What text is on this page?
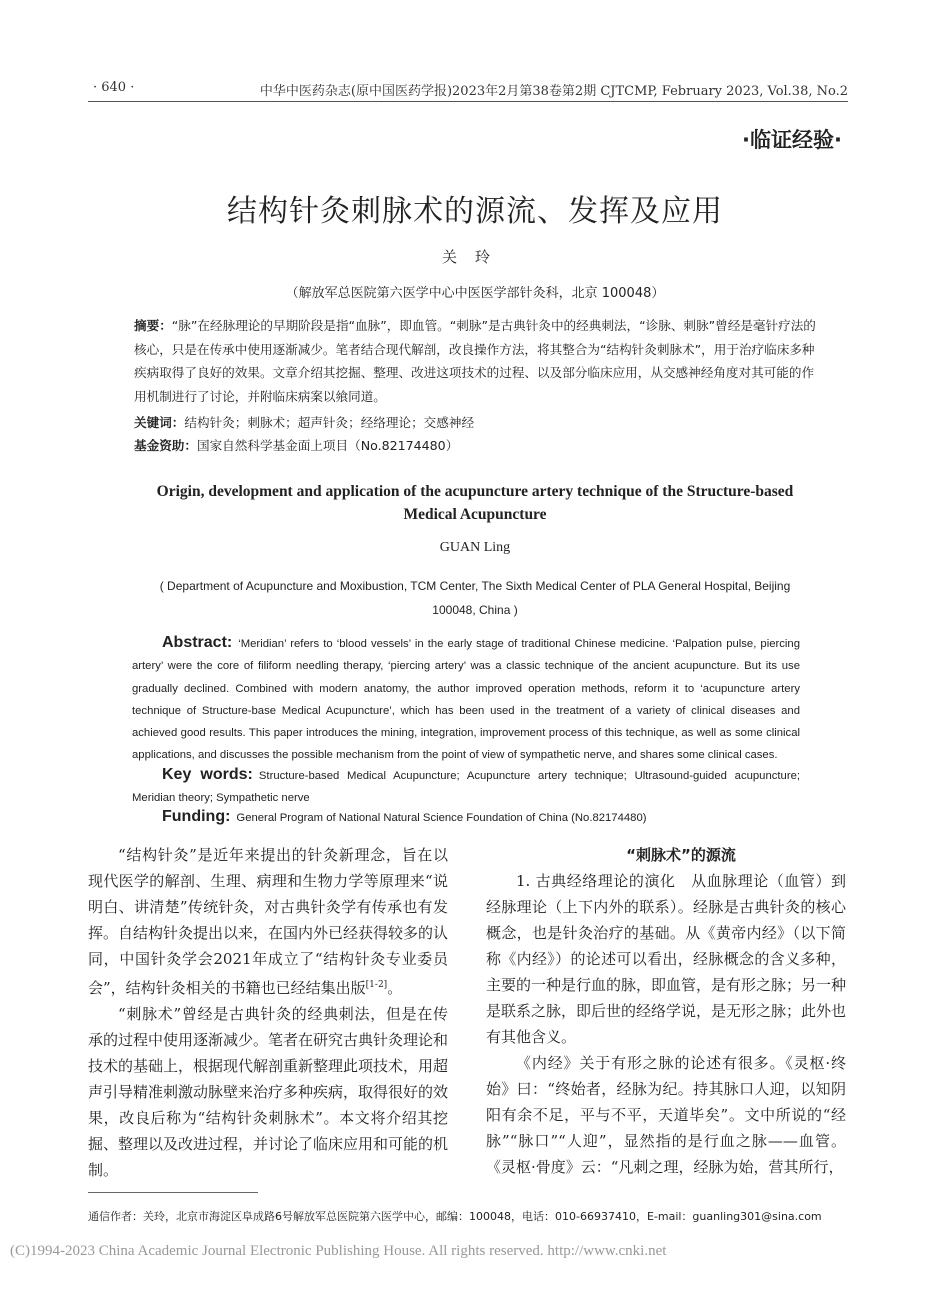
· 640 ·	中华中医药杂志(原中国医药学报)2023年2月第38卷第2期 CJTCMP, February 2023, Vol.38, No.2
·临证经验·
结构针灸刺脉术的源流、发挥及应用
关玲
（解放军总医院第六医学中心中医医学部针灸科，北京 100048）
摘要：“脉”在经脉理论的早期阶段是指“血脉”，即血管。“刺脉”是古典针灸中的经典刺法，“诊脉、刺脉”曾经是毫针疗法的核心，只是在传承中使用逐渐减少。笔者结合现代解剖，改良操作方法，将其整合为“结构针灸刺脉术”，用于治疗临床多种疾病取得了良好的效果。文章介绍其挖掘、整理、改进这项技术的过程、以及部分临床应用，从交感神经角度对其可能的作用机制进行了讨论，并附临床病案以飨同道。
关键词：结构针灸；刺脉术；超声针灸；经络理论；交感神经
基金资助：国家自然科学基金面上项目（No.82174480）
Origin, development and application of the acupuncture artery technique of the Structure-based Medical Acupuncture
GUAN Ling
( Department of Acupuncture and Moxibustion, TCM Center, The Sixth Medical Center of PLA General Hospital, Beijing 100048, China )
Abstract: ‘Meridian’ refers to ‘blood vessels’ in the early stage of traditional Chinese medicine. ‘Palpation pulse, piercing artery’ were the core of filiform needling therapy, ‘piercing artery’ was a classic technique of the ancient acupuncture. But its use gradually declined. Combined with modern anatomy, the author improved operation methods, reform it to ‘acupuncture artery technique of Structure-base Medical Acupuncture’, which has been used in the treatment of a variety of clinical diseases and achieved good results. This paper introduces the mining, integration, improvement process of this technique, as well as some clinical applications, and discusses the possible mechanism from the point of view of sympathetic nerve, and shares some clinical cases.
Key words: Structure-based Medical Acupuncture; Acupuncture artery technique; Ultrasound-guided acupuncture; Meridian theory; Sympathetic nerve
Funding: General Program of National Natural Science Foundation of China (No.82174480)

“结构针灸”是近年来提出的针灸新理念，旨在以现代医学的解剖、生理、病理和生物力学等原理来“说明白、讲清楚”传统针灸，对古典针灸学有传承也有发挥。自结构针灸提出以来，在国内外已经获得较多的认同，中国针灸学会2021年成立了“结构针灸专业委员会”，结构针灸相关的书籍也已经结集出版[1-2]。

“刺脉术”曾经是古典针灸的经典刺法，但是在传承的过程中使用逐渐减少。笔者在研究古典针灸理论和技术的基础上，根据现代解剖重新整理此项技术，用超声引导精准刺激动脉壁来治疗多种疾病，取得很好的效果，改良后称为“结构针灸刺脉术”。本文将介绍其挖掘、整理以及改进过程，并讨论了临床应用和可能的机制。

“刺脉术”的源流

1. 古典经络理论的演化　从血脉理论（血管）到经脉理论（上下内外的联系）。经脉是古典针灸的核心概念，也是针灸治疗的基础。从《黄帝内经》（以下简称《内经》）的论述可以看出，经脉概念的含义多种，主要的一种是行血的脉，即血管，是有形之脉；另一种是联系之脉，即后世的经络学说，是无形之脉；此外也有其他含义。

《内经》关于有形之脉的论述有很多。《灵枢·终始》曰：“终始者，经脉为纪。持其脉口人迎，以知阴阳有余不足，平与不平，天道毕矣”。文中所说的“经脉”“脉口”“人迎”，显然指的是行血之脉——血管。《灵枢·骨度》云：“凡刺之理，经脉为始，营其所行，

通信作者：关玲，北京市海淀区阜成路6号解放军总医院第六医学中心，邮编：100048，电话：010-66937410，E-mail：guanling301@sina.com
(C)1994-2023 China Academic Journal Electronic Publishing House. All rights reserved. http://www.cnki.net
